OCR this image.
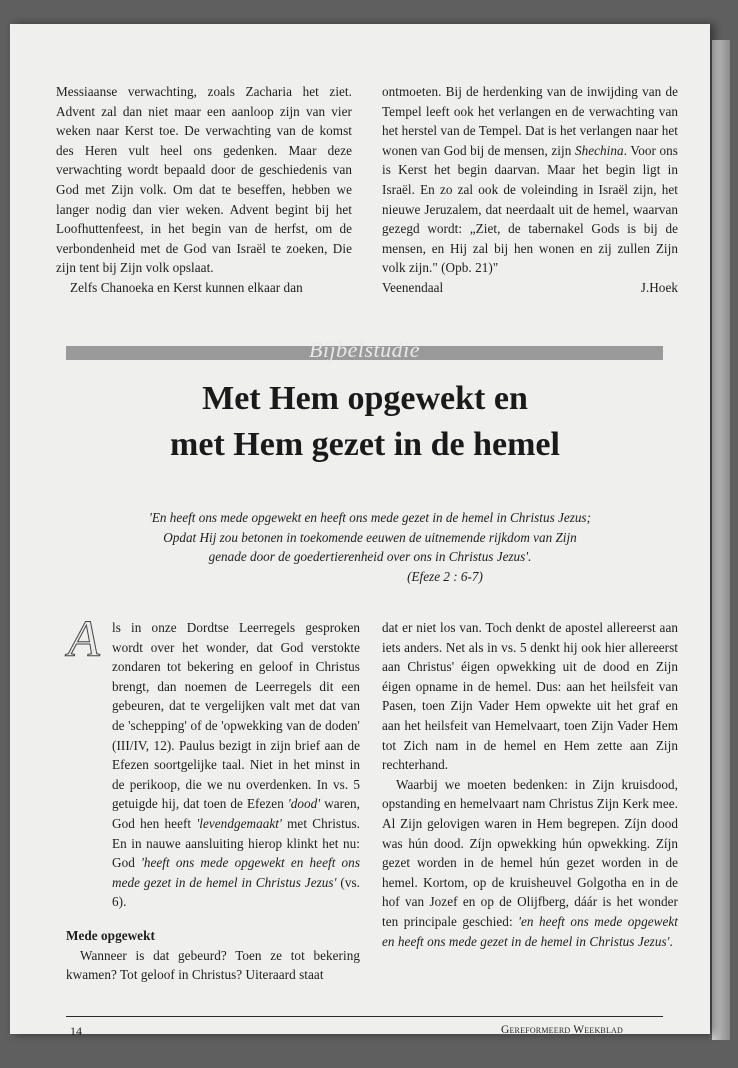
Messiaanse verwachting, zoals Zacharia het ziet. Advent zal dan niet maar een aanloop zijn van vier weken naar Kerst toe. De verwachting van de komst des Heren vult heel ons gedenken. Maar deze verwachting wordt bepaald door de geschiedenis van God met Zijn volk. Om dat te beseffen, hebben we langer nodig dan vier weken. Advent begint bij het Loofhuttenfeest, in het begin van de herfst, om de verbondenheid met de God van Israël te zoeken, Die zijn tent bij Zijn volk opslaat.

Zelfs Chanoeka en Kerst kunnen elkaar dan

ontmoeten. Bij de herdenking van de inwijding van de Tempel leeft ook het verlangen en de verwachting van het herstel van de Tempel. Dat is het verlangen naar het wonen van God bij de mensen, zijn Shechina. Voor ons is Kerst het begin daarvan. Maar het begin ligt in Israël. En zo zal ook de voleinding in Israël zijn, het nieuwe Jeruzalem, dat neerdaalt uit de hemel, waarvan gezegd wordt: „Ziet, de tabernakel Gods is bij de mensen, en Hij zal bij hen wonen en zij zullen Zijn volk zijn." (Opb. 21)"

Veenendaal	J.Hoek
Bijbelstudie
Met Hem opgewekt en
met Hem gezet in de hemel
'En heeft ons mede opgewekt en heeft ons mede gezet in de hemel in Christus Jezus;
Opdat Hij zou betonen in toekomende eeuwen de uitnemende rijkdom van Zijn
genade door de goedertierenheid over ons in Christus Jezus'.
(Efeze 2 : 6-7)
A ls in onze Dordtse Leerregels gesproken wordt over het wonder, dat God verstokte zondaren tot bekering en geloof in Christus brengt, dan noemen de Leerregels dit een gebeuren, dat te vergelijken valt met dat van de 'schepping' of de 'opwekking van de doden' (III/IV, 12). Paulus bezigt in zijn brief aan de Efezen soortgelijke taal. Niet in het minst in de perikoop, die we nu overdenken. In vs. 5 getuigde hij, dat toen de Efezen 'dood' waren, God hen heeft 'levendgemaakt' met Christus. En in nauwe aansluiting hierop klinkt het nu: God 'heeft ons mede opgewekt en heeft ons mede gezet in de hemel in Christus Jezus' (vs. 6).

Mede opgewekt

Wanneer is dat gebeurd? Toen ze tot bekering kwamen? Tot geloof in Christus? Uiteraard staat

dat er niet los van. Toch denkt de apostel allereerst aan iets anders. Net als in vs. 5 denkt hij ook hier allereerst aan Christus' éigen opwekking uit de dood en Zijn éigen opname in de hemel. Dus: aan het heilsfeit van Pasen, toen Zijn Vader Hem opwekte uit het graf en aan het heilsfeit van Hemelvaart, toen Zijn Vader Hem tot Zich nam in de hemel en Hem zette aan Zijn rechterhand.

Waarbij we moeten bedenken: in Zijn kruisdood, opstanding en hemelvaart nam Christus Zijn Kerk mee. Al Zijn gelovigen waren in Hem begrepen. Zíjn dood was hún dood. Zíjn opwekking hún opwekking. Zíjn gezet worden in de hemel hún gezet worden in de hemel. Kortom, op de kruisheuvel Golgotha en in de hof van Jozef en op de Olijfberg, dáár is het wonder ten principale geschied: 'en heeft ons mede opgewekt en heeft ons mede gezet in de hemel in Christus Jezus'.

14	Gereformeerd Weekblad
